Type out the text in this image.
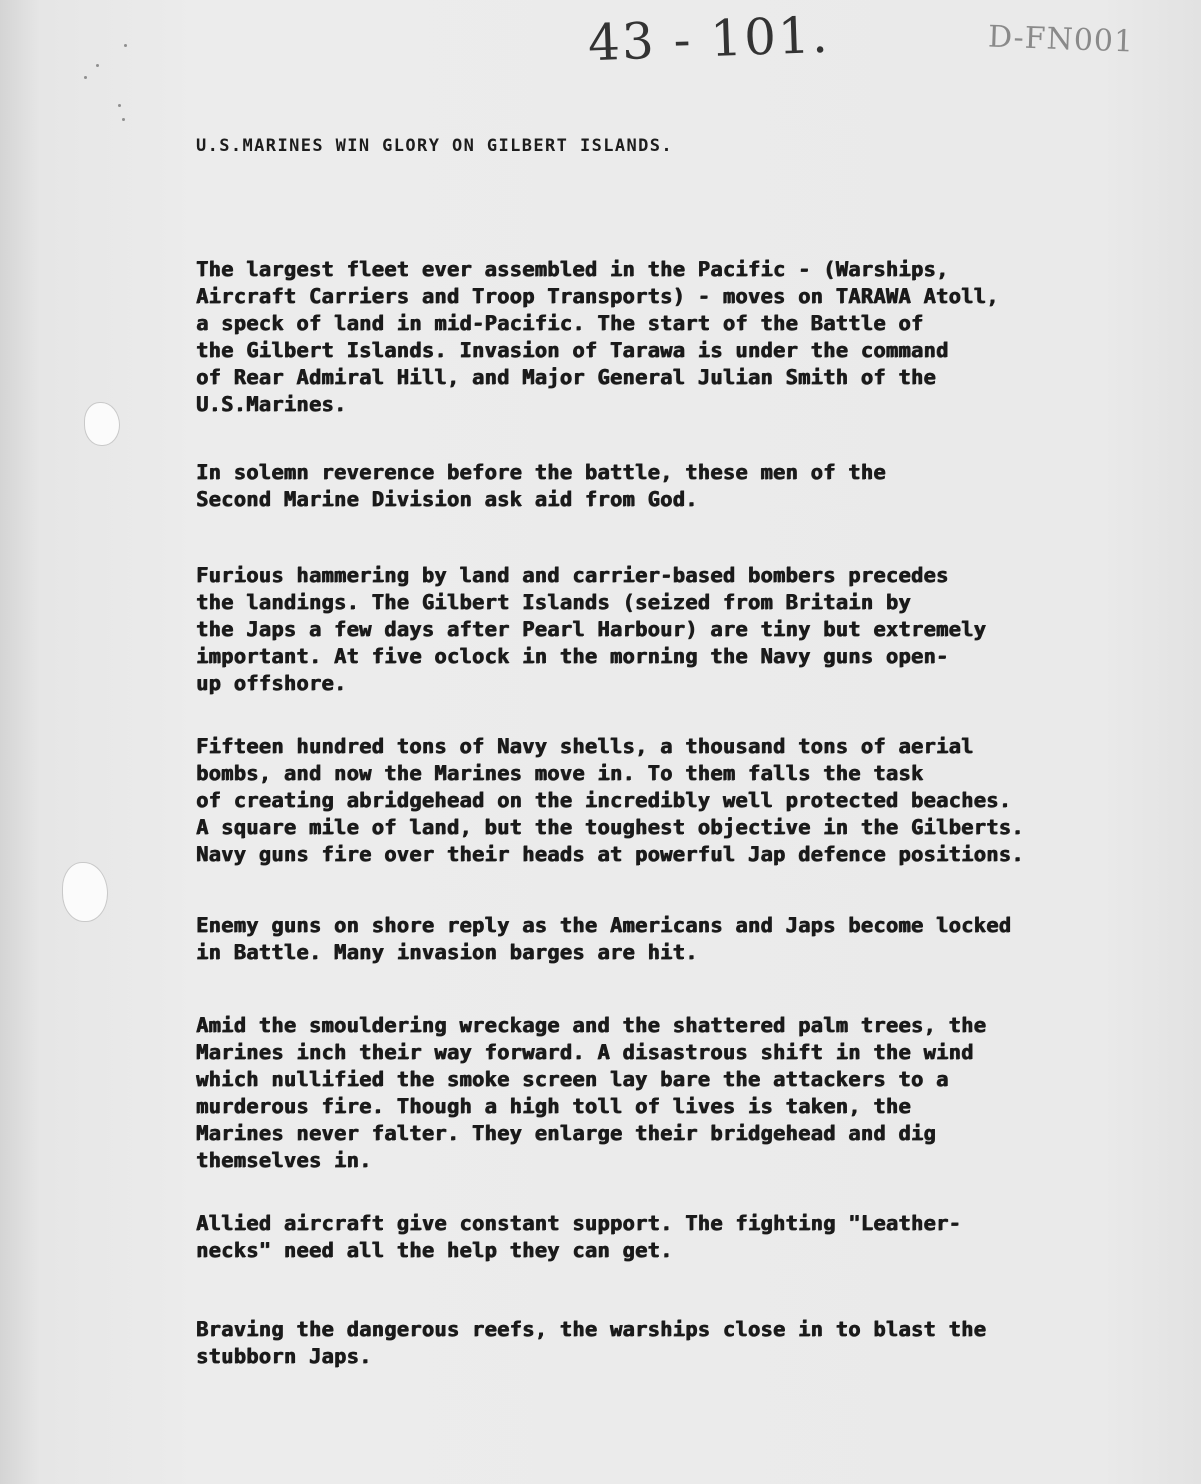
43 - 101.	D-FN001
U.S.MARINES WIN GLORY ON GILBERT ISLANDS.

The largest fleet ever assembled in the Pacific - (Warships,
Aircraft Carriers and Troop Transports) - moves on TARAWA Atoll,
a speck of land in mid-Pacific. The start of the Battle of
the Gilbert Islands. Invasion of Tarawa is under the command
of Rear Admiral Hill, and Major General Julian Smith of the
U.S.Marines.

In solemn reverence before the battle, these men of the
Second Marine Division ask aid from God.

Furious hammering by land and carrier-based bombers precedes
the landings. The Gilbert Islands (seized from Britain by
the Japs a few days after Pearl Harbour) are tiny but extremely
important. At five oclock in the morning the Navy guns open-
up offshore.

Fifteen hundred tons of Navy shells, a thousand tons of aerial
bombs, and now the Marines move in. To them falls the task
of creating abridgehead on the incredibly well protected beaches.
A square mile of land, but the toughest objective in the Gilberts.
Navy guns fire over their heads at powerful Jap defence positions.

Enemy guns on shore reply as the Americans and Japs become locked
in Battle. Many invasion barges are hit.

Amid the smouldering wreckage and the shattered palm trees, the
Marines inch their way forward. A disastrous shift in the wind
which nullified the smoke screen lay bare the attackers to a
murderous fire. Though a high toll of lives is taken, the
Marines never falter. They enlarge their bridgehead and dig
themselves in.

Allied aircraft give constant support. The fighting "Leather-
necks" need all the help they can get.

Braving the dangerous reefs, the warships close in to blast the
stubborn Japs.
